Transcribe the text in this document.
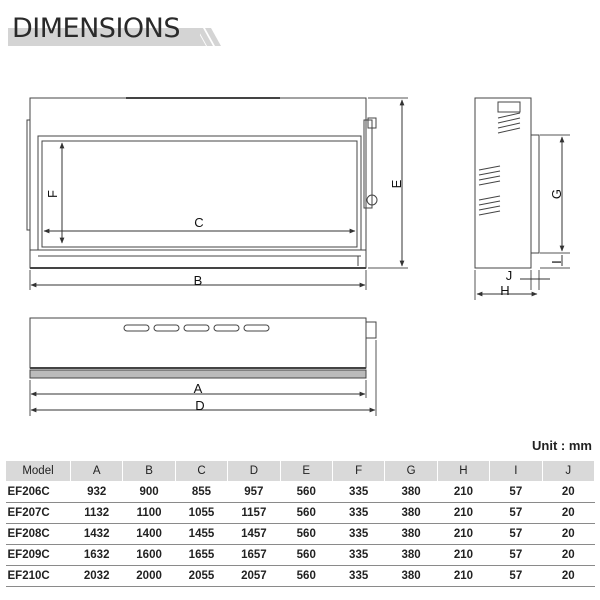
DIMENSIONS
F
C
B
E
G
I
J
H
A
D
Unit : mm
Model	A	B	C	D	E	F	G	H	I	J
EF206C	932	900	855	957	560	335	380	210	57	20
EF207C	1132	1100	1055	1157	560	335	380	210	57	20
EF208C	1432	1400	1455	1457	560	335	380	210	57	20
EF209C	1632	1600	1655	1657	560	335	380	210	57	20
EF210C	2032	2000	2055	2057	560	335	380	210	57	20
